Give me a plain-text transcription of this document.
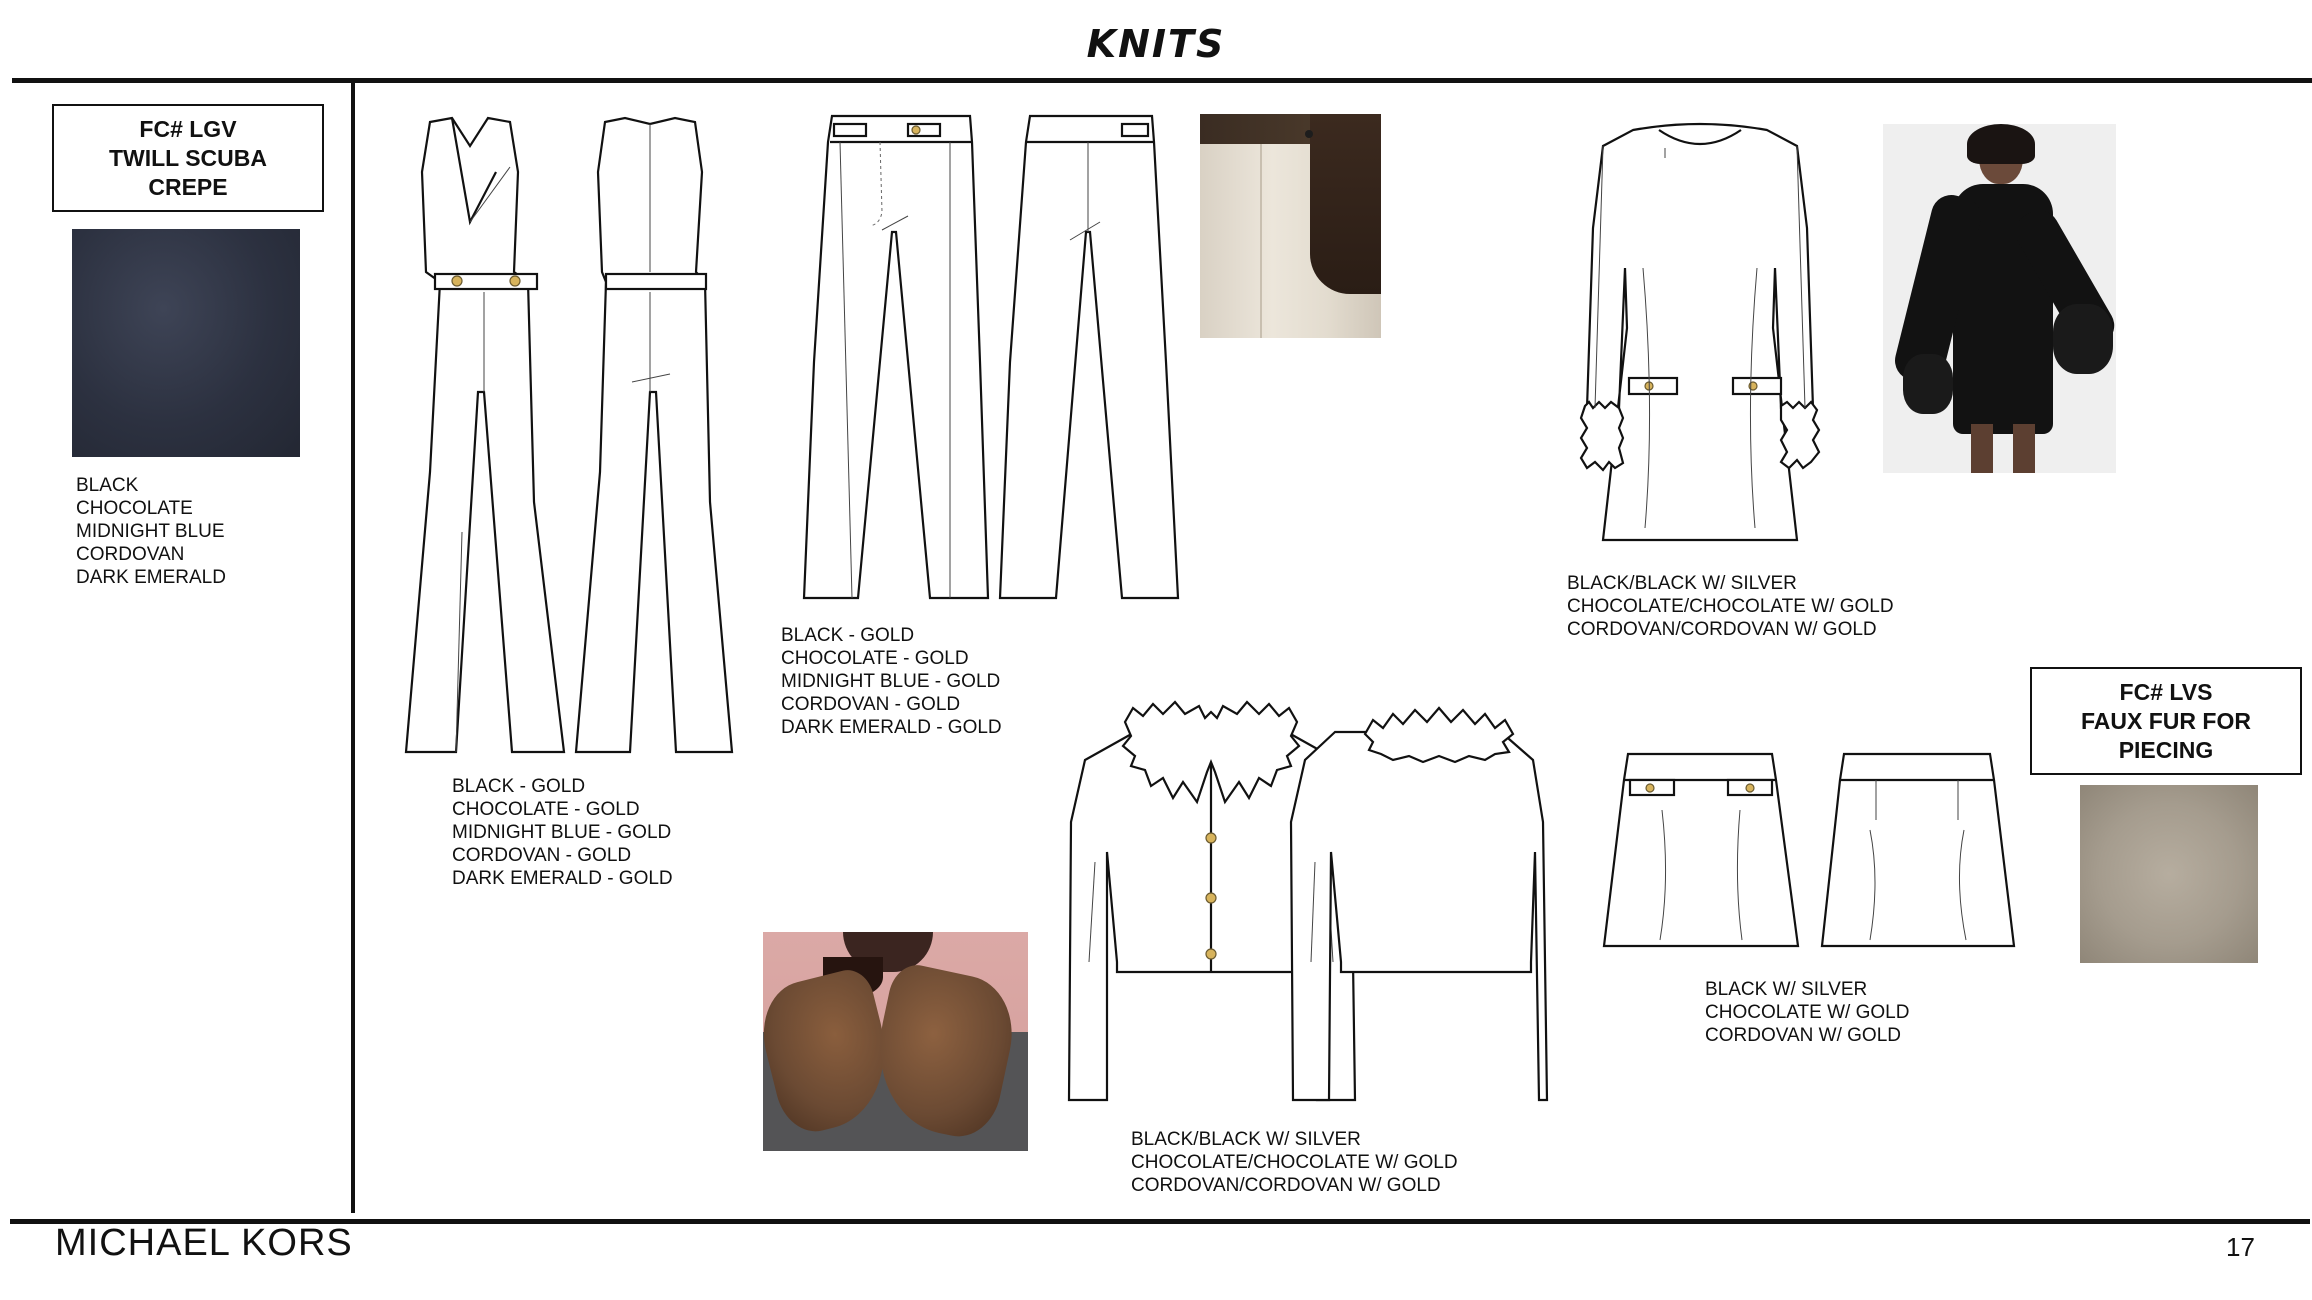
KNITS
FC# LGV
TWILL SCUBA
CREPE
BLACK
CHOCOLATE
MIDNIGHT BLUE
CORDOVAN
DARK EMERALD
BLACK - GOLD
CHOCOLATE - GOLD
MIDNIGHT BLUE - GOLD
CORDOVAN - GOLD
DARK EMERALD - GOLD
BLACK - GOLD
CHOCOLATE - GOLD
MIDNIGHT BLUE - GOLD
CORDOVAN - GOLD
DARK EMERALD - GOLD
BLACK/BLACK W/ SILVER
CHOCOLATE/CHOCOLATE W/ GOLD
CORDOVAN/CORDOVAN W/ GOLD
FC# LVS
FAUX FUR FOR
PIECING
BLACK/BLACK W/ SILVER
CHOCOLATE/CHOCOLATE W/ GOLD
CORDOVAN/CORDOVAN W/ GOLD
BLACK W/ SILVER
CHOCOLATE W/ GOLD
CORDOVAN W/ GOLD
MICHAEL KORS	17
